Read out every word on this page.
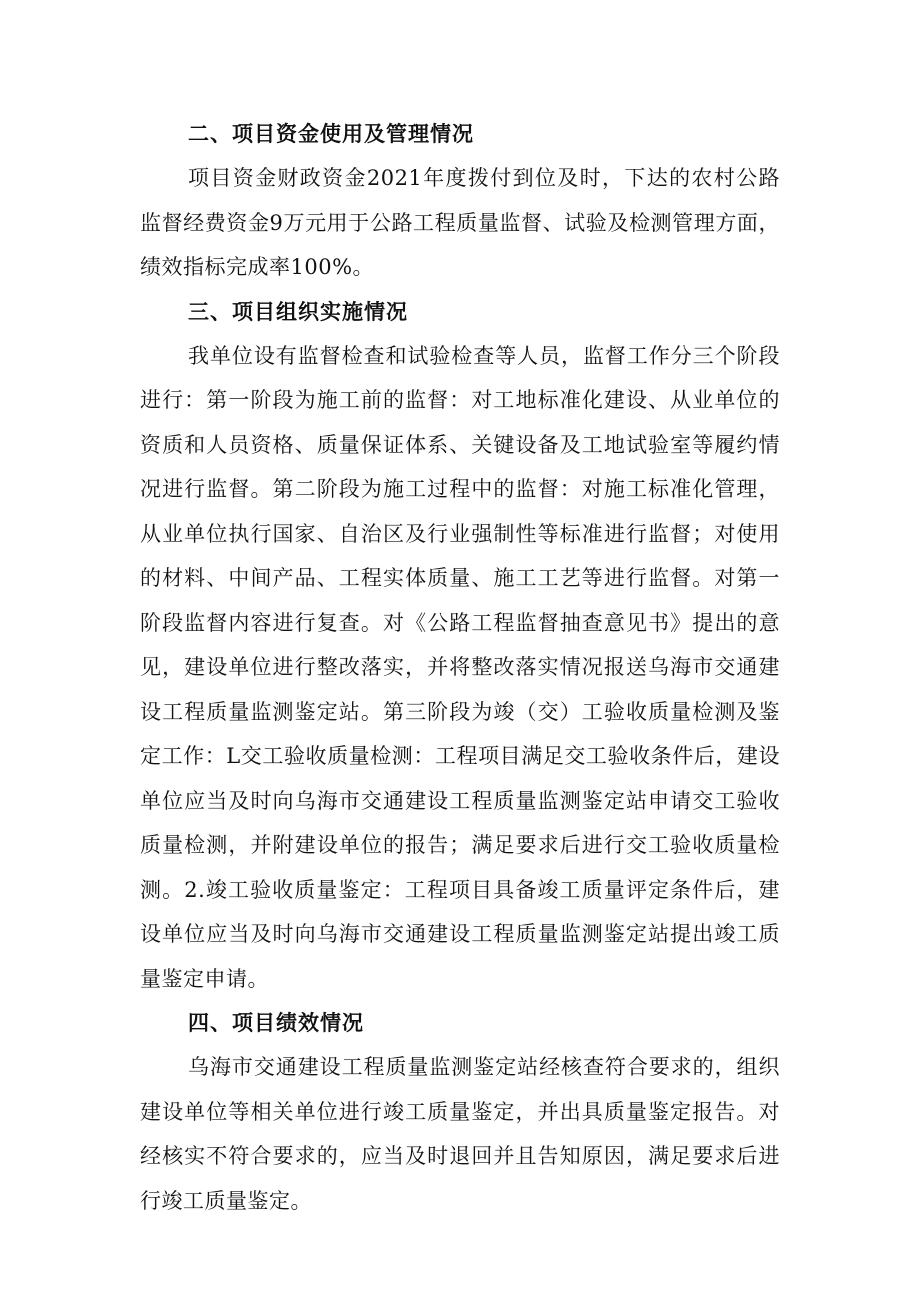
二、项目资金使用及管理情况

项目资金财政资金2021年度拨付到位及时，下达的农村公路监督经费资金9万元用于公路工程质量监督、试验及检测管理方面，绩效指标完成率100%。

三、项目组织实施情况

我单位设有监督检查和试验检查等人员，监督工作分三个阶段进行：第一阶段为施工前的监督：对工地标准化建设、从业单位的资质和人员资格、质量保证体系、关键设备及工地试验室等履约情况进行监督。第二阶段为施工过程中的监督：对施工标准化管理，从业单位执行国家、自治区及行业强制性等标准进行监督；对使用的材料、中间产品、工程实体质量、施工工艺等进行监督。对第一阶段监督内容进行复查。对《公路工程监督抽查意见书》提出的意见，建设单位进行整改落实，并将整改落实情况报送乌海市交通建设工程质量监测鉴定站。第三阶段为竣（交）工验收质量检测及鉴定工作：L交工验收质量检测：工程项目满足交工验收条件后，建设单位应当及时向乌海市交通建设工程质量监测鉴定站申请交工验收质量检测，并附建设单位的报告；满足要求后进行交工验收质量检测。2.竣工验收质量鉴定：工程项目具备竣工质量评定条件后，建设单位应当及时向乌海市交通建设工程质量监测鉴定站提出竣工质量鉴定申请。

四、项目绩效情况

乌海市交通建设工程质量监测鉴定站经核查符合要求的，组织建设单位等相关单位进行竣工质量鉴定，并出具质量鉴定报告。对经核实不符合要求的，应当及时退回并且告知原因，满足要求后进行竣工质量鉴定。
